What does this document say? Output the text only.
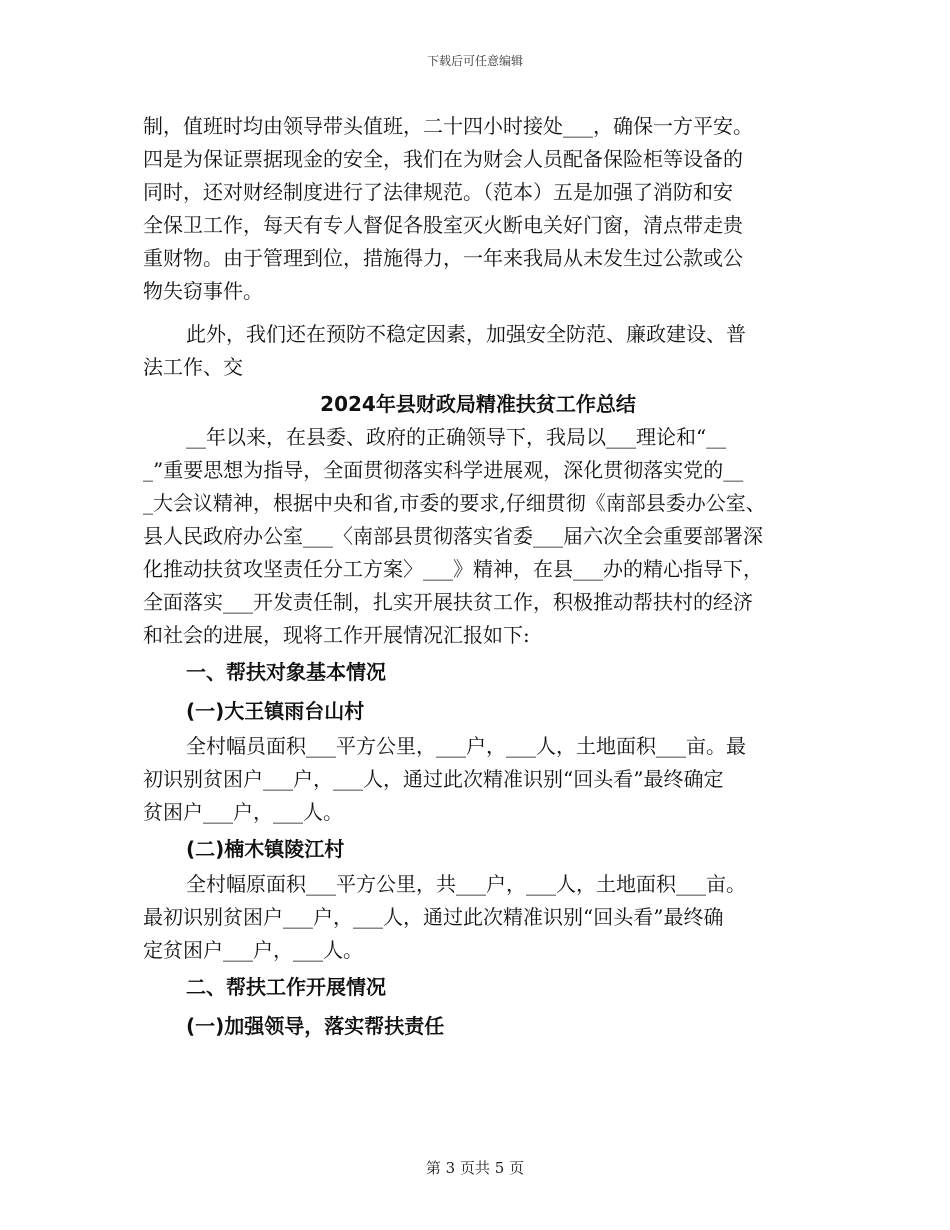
下载后可任意编辑
制，值班时均由领导带头值班，二十四小时接处___，确保一方平安。
四是为保证票据现金的安全，我们在为财会人员配备保险柜等设备的
同时，还对财经制度进行了法律规范。（范本）五是加强了消防和安
全保卫工作，每天有专人督促各股室灭火断电关好门窗，清点带走贵
重财物。由于管理到位，措施得力，一年来我局从未发生过公款或公
物失窃事件。
此外，我们还在预防不稳定因素，加强安全防范、廉政建设、普
法工作、交
2024年县财政局精准扶贫工作总结
__年以来，在县委、政府的正确领导下，我局以___理论和“__
_”重要思想为指导，全面贯彻落实科学进展观，深化贯彻落实党的__
_大会议精神，根据中央和省,市委的要求,仔细贯彻《南部县委办公室、
县人民政府办公室___〈南部县贯彻落实省委___届六次全会重要部署深
化推动扶贫攻坚责任分工方案〉___》精神，在县___办的精心指导下，
全面落实___开发责任制，扎实开展扶贫工作，积极推动帮扶村的经济
和社会的进展，现将工作开展情况汇报如下:
一、帮扶对象基本情况
(一)大王镇雨台山村
全村幅员面积___平方公里，___户，___人，土地面积___亩。最
初识别贫困户___户，___人，通过此次精准识别“回头看”最终确定
贫困户___户，___人。
(二)楠木镇陵江村
全村幅原面积___平方公里，共___户，___人，土地面积___亩。
最初识别贫困户___户，___人，通过此次精准识别“回头看”最终确
定贫困户___户，___人。
二、帮扶工作开展情况
(一)加强领导，落实帮扶责任
第 3 页共 5 页
